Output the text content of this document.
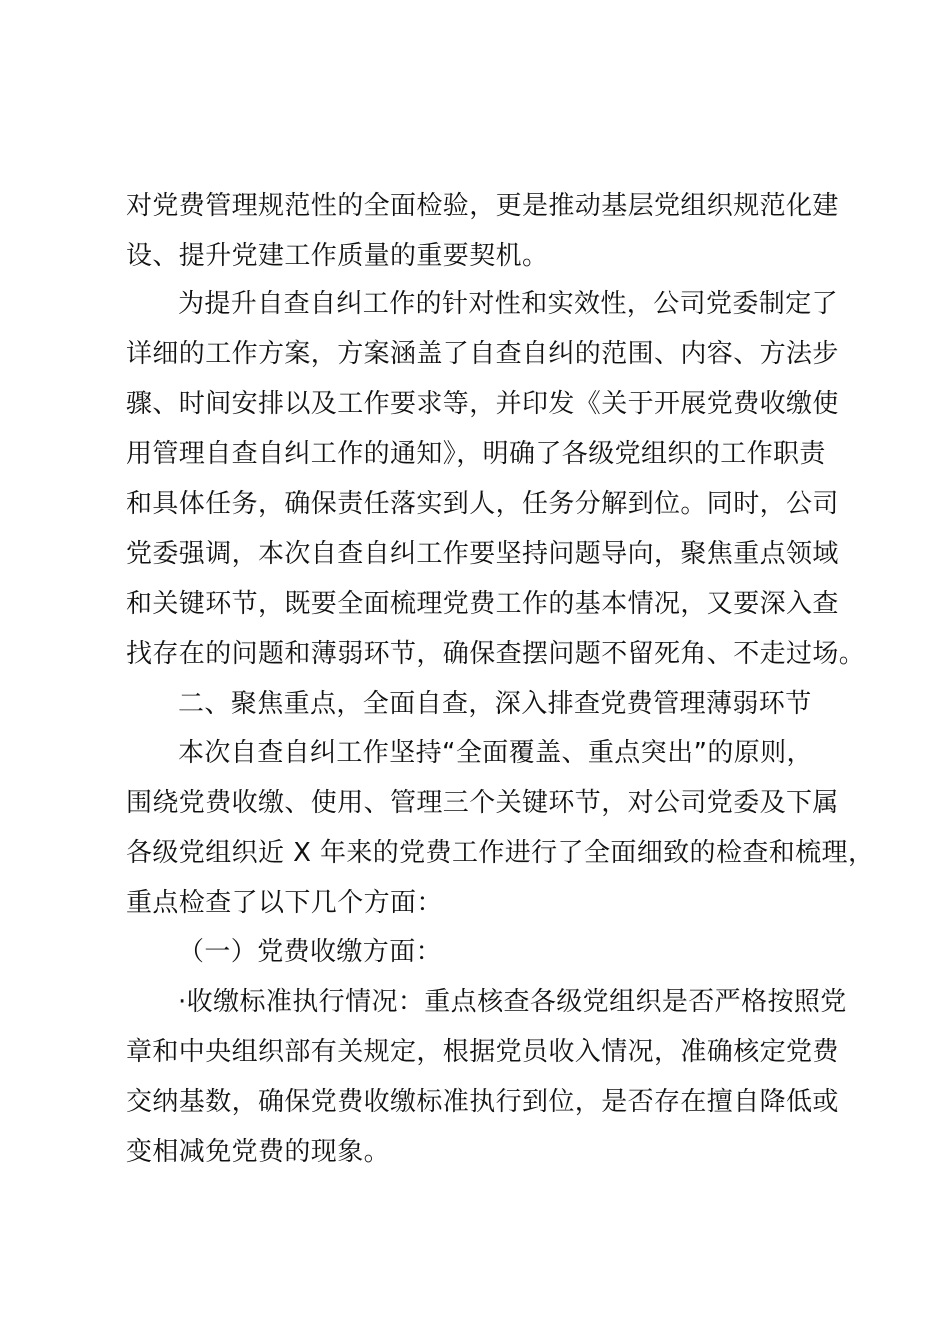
对党费管理规范性的全面检验，更是推动基层党组织规范化建
设、提升党建工作质量的重要契机。
为提升自查自纠工作的针对性和实效性，公司党委制定了
详细的工作方案，方案涵盖了自查自纠的范围、内容、方法步
骤、时间安排以及工作要求等，并印发《关于开展党费收缴使
用管理自查自纠工作的通知》，明确了各级党组织的工作职责
和具体任务，确保责任落实到人，任务分解到位。同时，公司
党委强调，本次自查自纠工作要坚持问题导向，聚焦重点领域
和关键环节，既要全面梳理党费工作的基本情况，又要深入查
找存在的问题和薄弱环节，确保查摆问题不留死角、不走过场。
二、聚焦重点，全面自查，深入排查党费管理薄弱环节
本次自查自纠工作坚持“全面覆盖、重点突出”的原则，
围绕党费收缴、使用、管理三个关键环节，对公司党委及下属
各级党组织近 X 年来的党费工作进行了全面细致的检查和梳理，
重点检查了以下几个方面：
（一）党费收缴方面：
·收缴标准执行情况：重点核查各级党组织是否严格按照党
章和中央组织部有关规定，根据党员收入情况，准确核定党费
交纳基数，确保党费收缴标准执行到位，是否存在擅自降低或
变相减免党费的现象。
